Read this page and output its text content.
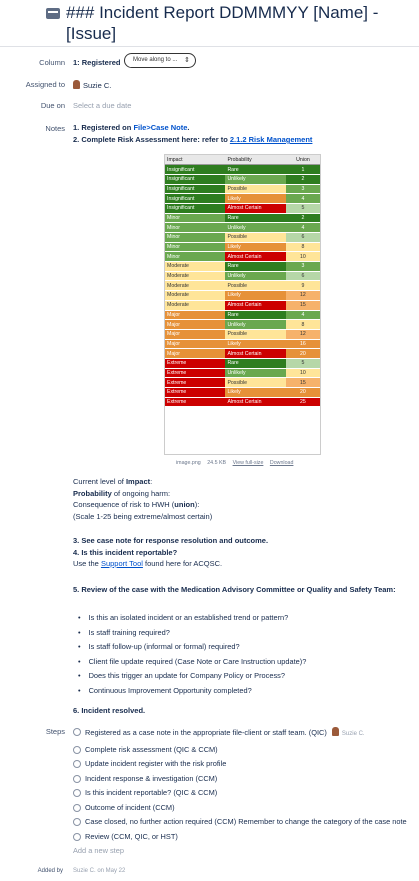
### Incident Report DDMMMYY [Name] - [Issue]
Column 1: Registered	Move along to ... ⇕
Assigned to	Suzie C.
Due on Select a due date
Notes 1. Registered on File>Case Note.
2. Complete Risk Assessment here: refer to 2.1.2 Risk Management
Impact	Probability	Union
Insignificant	Rare	1
Insignificant	Unlikely	2
Insignificant	Possible	3
Insignificant	Likely	4
Insignificant	Almost Certain	5
Minor	Rare	2
Minor	Unlikely	4
Minor	Possible	6
Minor	Likely	8
Minor	Almost Certain	10
Moderate	Rare	3
Moderate	Unlikely	6
Moderate	Possible	9
Moderate	Likely	12
Moderate	Almost Certain	15
Major	Rare	4
Major	Unlikely	8
Major	Possible	12
Major	Likely	16
Major	Almost Certain	20
Extreme	Rare	5
Extreme	Unlikely	10
Extreme	Possible	15
Extreme	Likely	20
Extreme	Almost Certain	25
image.png 24.5 KB View full-size Download
Current level of Impact:
Probability of ongoing harm:
Consequence of risk to HWH (union):
(Scale 1-25 being extreme/almost certain)
3. See case note for response resolution and outcome.
4. Is this incident reportable?
Use the Support Tool found here for ACQSC.
5. Review of the case with the Medication Advisory Committee or Quality and Safety Team:
• Is this an isolated incident or an established trend or pattern?
• Is staff training required?
• Is staff follow-up (informal or formal) required?
• Client file update required (Case Note or Care Instruction update)?
• Does this trigger an update for Company Policy or Process?
• Continuous Improvement Opportunity completed?
6. Incident resolved.
Steps	Registered as a case note in the appropriate file-client or staff team. (QIC)	Suzie C.
Complete risk assessment (QIC & CCM)
Update incident register with the risk profile
Incident response & investigation (CCM)
Is this incident reportable? (QIC & CCM)
Outcome of incident (CCM)
Case closed, no further action required (CCM) Remember to change the category of the case note
Review (CCM, QIC, or HST)
Add a new step
Added by Suzie C. on May 22
